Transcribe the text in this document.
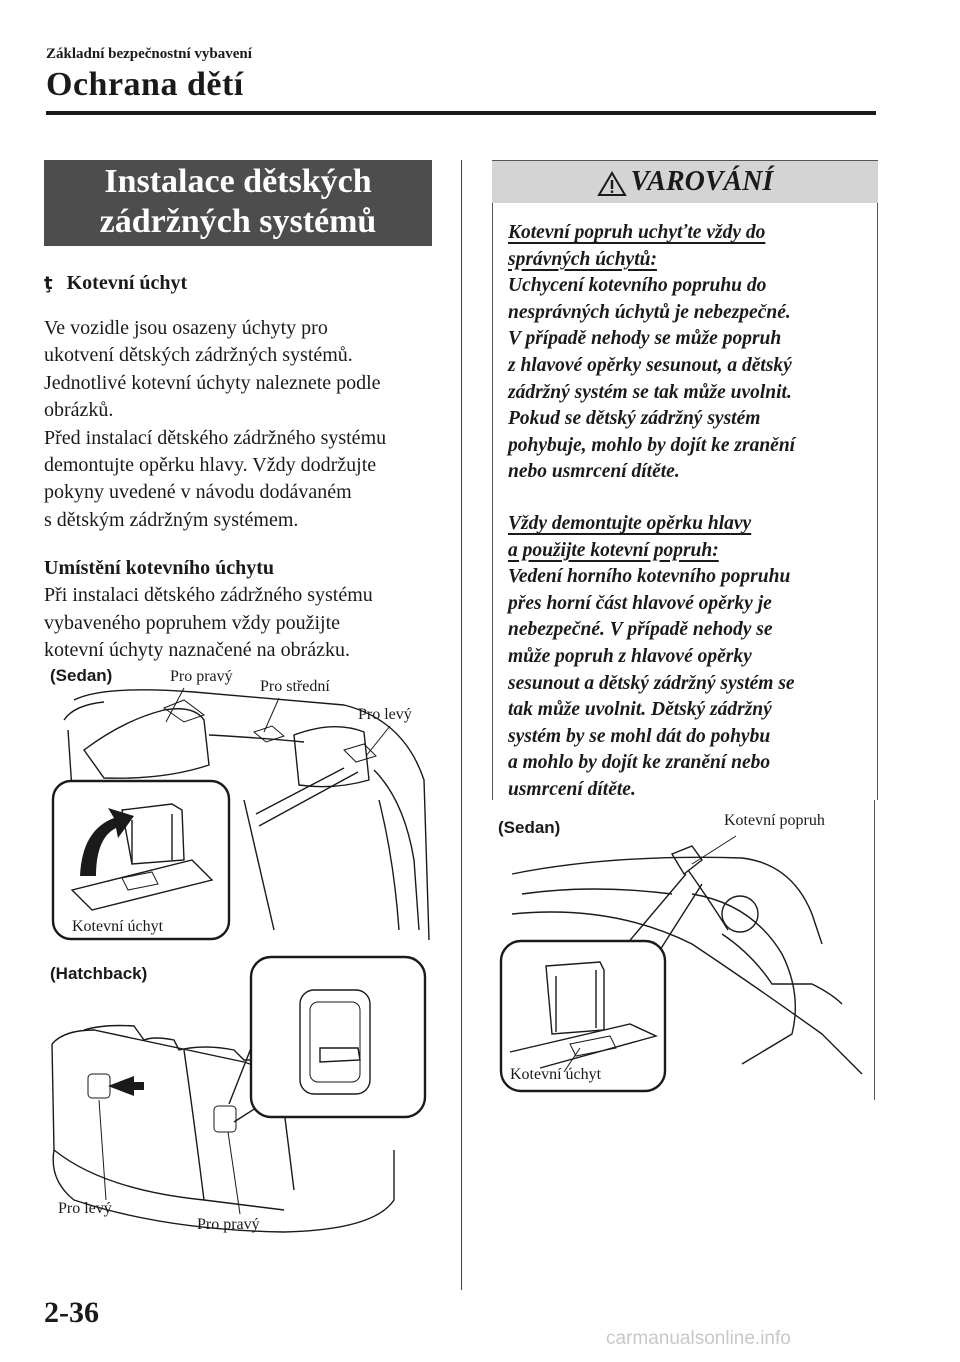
Základní bezpečnostní vybavení
Ochrana dětí
Instalace dětských
zádržných systémů
ţ Kotevní úchyt
Ve vozidle jsou osazeny úchyty pro
ukotvení dětských zádržných systémů.
Jednotlivé kotevní úchyty naleznete podle
obrázků.
Před instalací dětského zádržného systému
demontujte opěrku hlavy. Vždy dodržujte
pokyny uvedené v návodu dodávaném
s dětským zádržným systémem.
Umístění kotevního úchytu
Při instalaci dětského zádržného systému
vybaveného popruhem vždy použijte
kotevní úchyty naznačené na obrázku.
(Sedan)	Pro pravý
Pro střední
Pro levý
Kotevní úchyt
(Hatchback)
Pro levý
Pro pravý
VAROVÁNÍ
Kotevní popruh uchyťte vždy do
správných úchytů:
Uchycení kotevního popruhu do
nesprávných úchytů je nebezpečné.
V případě nehody se může popruh
z hlavové opěrky sesunout, a dětský
zádržný systém se tak může uvolnit.
Pokud se dětský zádržný systém
pohybuje, mohlo by dojít ke zranění
nebo usmrcení dítěte.
Vždy demontujte opěrku hlavy
a použijte kotevní popruh:
Vedení horního kotevního popruhu
přes horní část hlavové opěrky je
nebezpečné. V případě nehody se
může popruh z hlavové opěrky
sesunout a dětský zádržný systém se
tak může uvolnit. Dětský zádržný
systém by se mohl dát do pohybu
a mohlo by dojít ke zranění nebo
usmrcení dítěte.
(Sedan)	Kotevní popruh
Kotevní úchyt
2-36
carmanualsonline.info
